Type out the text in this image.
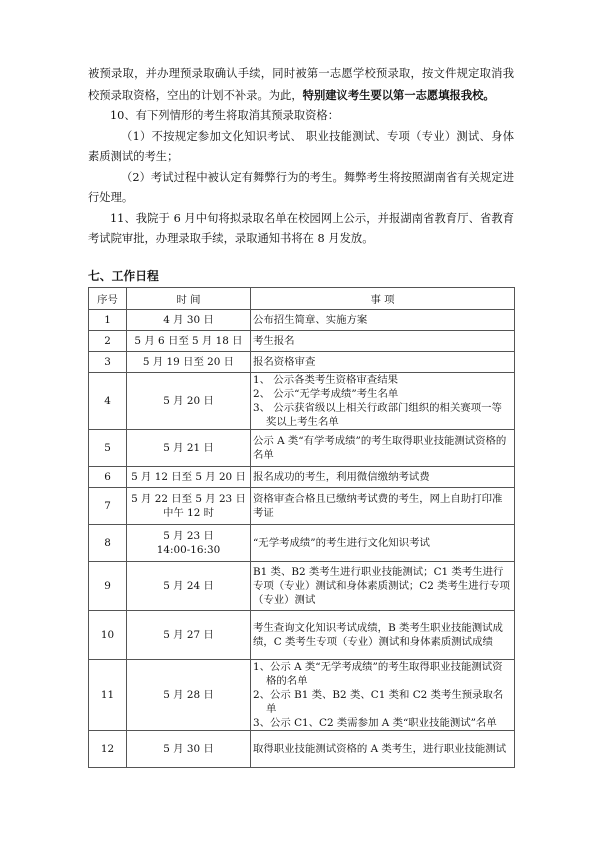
被预录取，并办理预录取确认手续，同时被第一志愿学校预录取，按文件规定取消我校预录取资格，空出的计划不补录。为此，特别建议考生要以第一志愿填报我校。

10、有下列情形的考生将取消其预录取资格：

（1）不按规定参加文化知识考试、 职业技能测试、专项（专业）测试、身体素质测试的考生；

（2）考试过程中被认定有舞弊行为的考生。舞弊考生将按照湖南省有关规定进行处理。

11、我院于 6 月中旬将拟录取名单在校园网上公示，并报湖南省教育厅、省教育考试院审批，办理录取手续，录取通知书将在 8 月发放。

七、工作日程
序号	时 间	事 项
1	4 月 30 日	公布招生简章、实施方案

2	5 月 6 日至 5 月 18 日	考生报名

3	5 月 19 日至 20 日	报名资格审查

4	5 月 20 日	1、 公示各类考生资格审查结果
2、 公示“无学考成绩”考生名单
3、 公示获省级以上相关行政部门组织的相关赛项一等奖以上考生名单

5	5 月 21 日	公示 A 类“有学考成绩”的考生取得职业技能测试资格的名单

6	5 月 12 日至 5 月 20 日	报名成功的考生，利用微信缴纳考试费

7	5 月 22 日至 5 月 23 日中午 12 时	资格审查合格且已缴纳考试费的考生，网上自助打印准考证

8	5 月 23 日
14:00-16:30	“无学考成绩”的考生进行文化知识考试

9	5 月 24 日	B1 类、B2 类考生进行职业技能测试；C1 类考生进行专项（专业）测试和身体素质测试；C2 类考生进行专项（专业）测试

10	5 月 27 日	考生查询文化知识考试成绩，B 类考生职业技能测试成绩，C 类考生专项（专业）测试和身体素质测试成绩

11	5 月 28 日	1、公示 A 类“无学考成绩”的考生取得职业技能测试资格的名单
2、公示 B1 类、B2 类、C1 类和 C2 类考生预录取名单
3、公示 C1、C2 类需参加 A 类“职业技能测试”名单

12	5 月 30 日	取得职业技能测试资格的 A 类考生，进行职业技能测试
